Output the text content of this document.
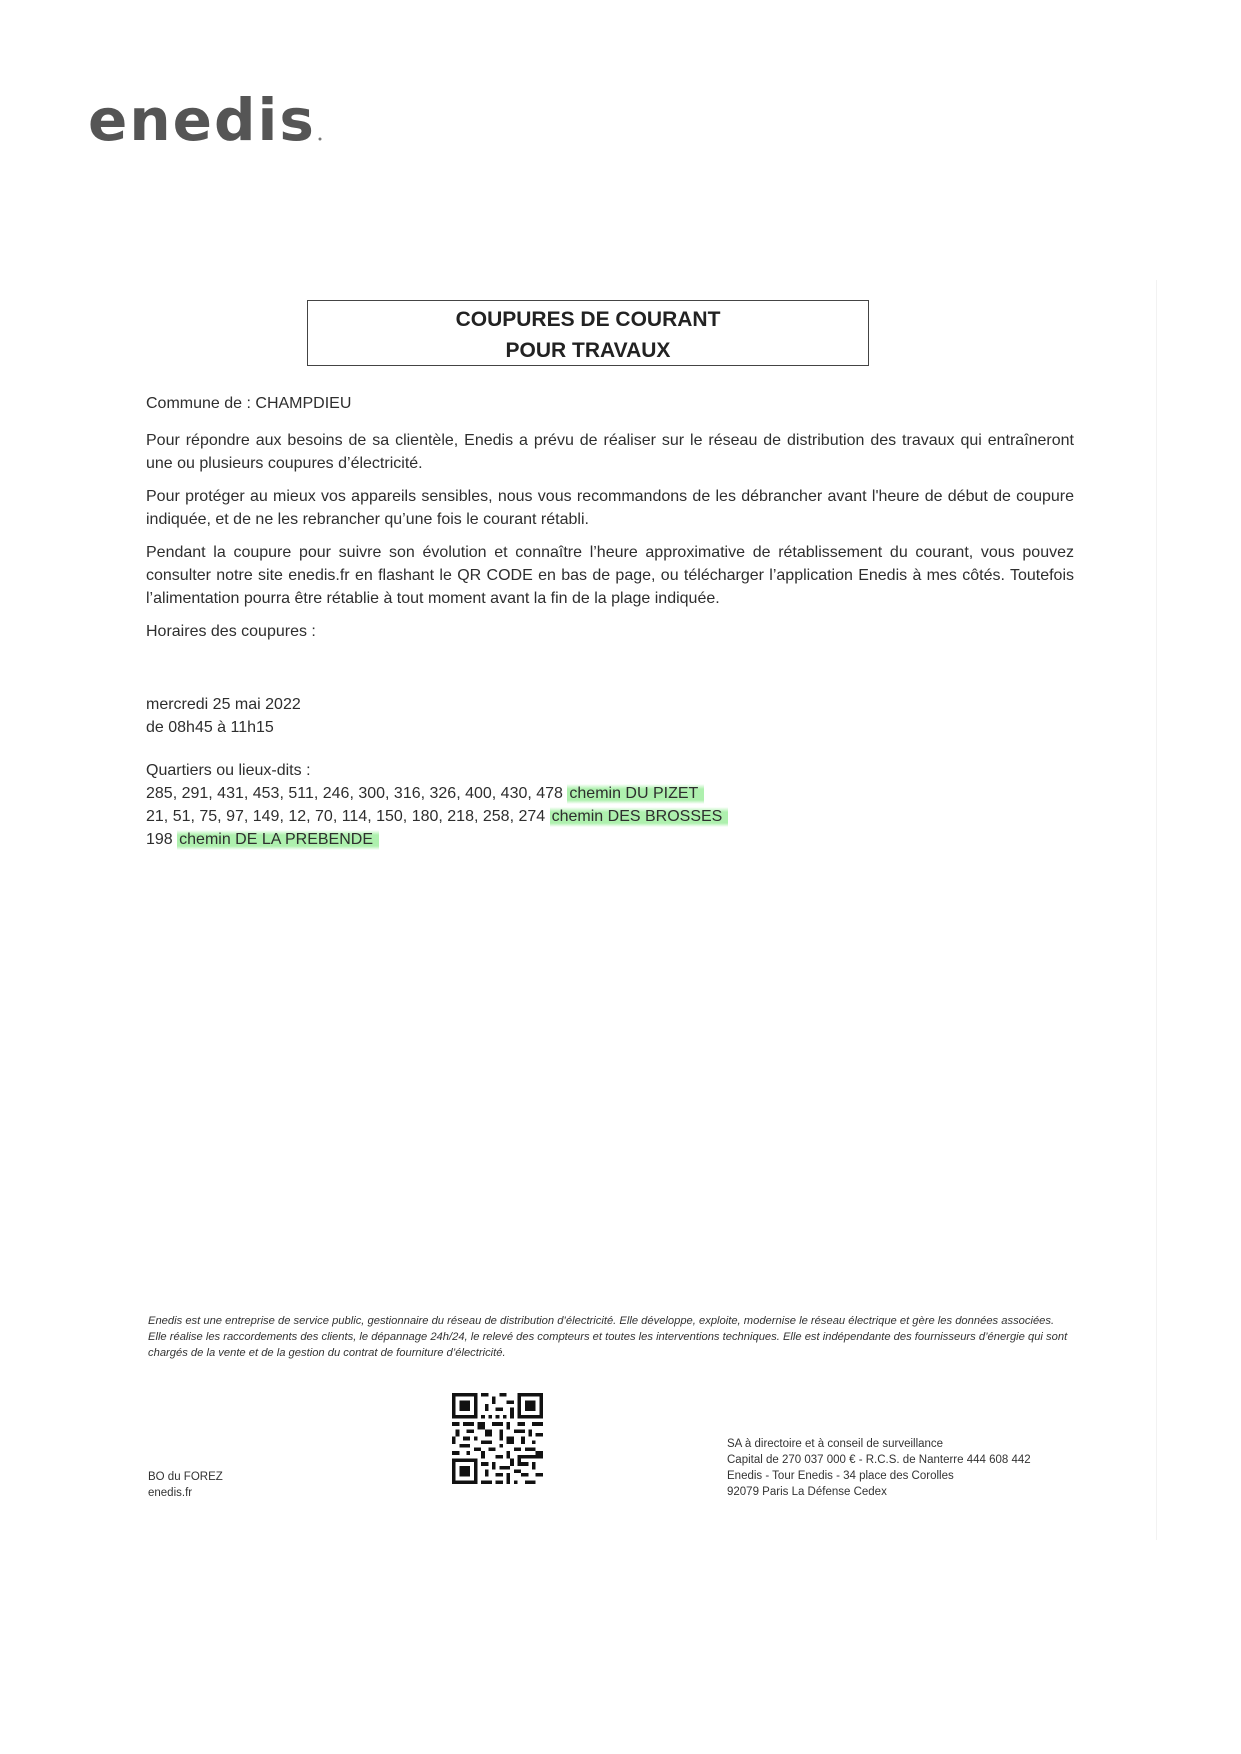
enedis
COUPURES DE COURANT
POUR TRAVAUX

Commune de : CHAMPDIEU

Pour répondre aux besoins de sa clientèle, Enedis a prévu de réaliser sur le réseau de distribution des travaux qui entraîneront une ou plusieurs coupures d’électricité.

Pour protéger au mieux vos appareils sensibles, nous vous recommandons de les débrancher avant l'heure de début de coupure indiquée, et de ne les rebrancher qu’une fois le courant rétabli.

Pendant la coupure pour suivre son évolution et connaître l’heure approximative de rétablissement du courant, vous pouvez consulter notre site enedis.fr en flashant le QR CODE en bas de page, ou télécharger l’application Enedis à mes côtés. Toutefois l’alimentation pourra être rétablie à tout moment avant la fin de la plage indiquée.

Horaires des coupures :

mercredi 25 mai 2022
de 08h45 à 11h15
Quartiers ou lieux-dits :
285, 291, 431, 453, 511, 246, 300, 316, 326, 400, 430, 478 chemin DU PIZET
21, 51, 75, 97, 149, 12, 70, 114, 150, 180, 218, 258, 274 chemin DES BROSSES
198 chemin DE LA PREBENDE
Enedis est une entreprise de service public, gestionnaire du réseau de distribution d’électricité. Elle développe, exploite, modernise le réseau électrique et gère les données associées. Elle réalise les raccordements des clients, le dépannage 24h/24, le relevé des compteurs et toutes les interventions techniques. Elle est indépendante des fournisseurs d’énergie qui sont chargés de la vente et de la gestion du contrat de fourniture d’électricité.
BO du FOREZ
enedis.fr
SA à directoire et à conseil de surveillance
Capital de 270 037 000 € - R.C.S. de Nanterre 444 608 442
Enedis - Tour Enedis - 34 place des Corolles
92079 Paris La Défense Cedex
